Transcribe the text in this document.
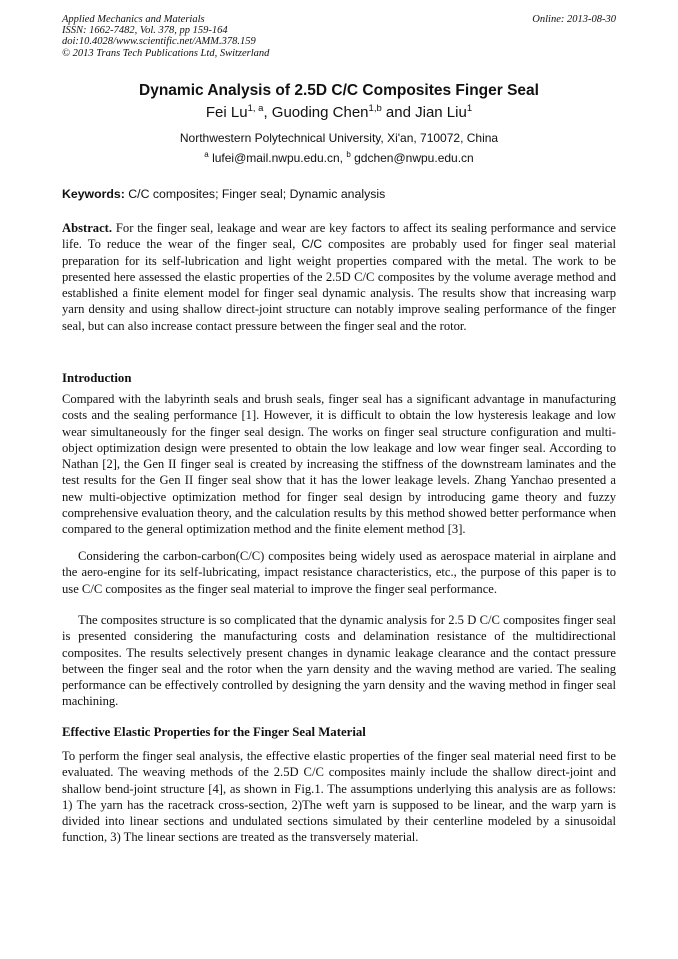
Applied Mechanics and Materials
ISSN: 1662-7482, Vol. 378, pp 159-164
doi:10.4028/www.scientific.net/AMM.378.159
© 2013 Trans Tech Publications Ltd, Switzerland
Online: 2013-08-30
Dynamic Analysis of 2.5D C/C Composites Finger Seal
Fei Lu$^{1, a}$, Guoding Chen$^{1,b}$ and Jian Liu$^1$
Northwestern Polytechnical University, Xi'an, 710072, China
$^a$ lufei@mail.nwpu.edu.cn, $^b$ gdchen@nwpu.edu.cn
Keywords: C/C composites; Finger seal; Dynamic analysis

Abstract. For the finger seal, leakage and wear are key factors to affect its sealing performance and service life. To reduce the wear of the finger seal, C/C composites are probably used for finger seal material preparation for its self-lubrication and light weight properties compared with the metal. The work to be presented here assessed the elastic properties of the 2.5D C/C composites by the volume average method and established a finite element model for finger seal dynamic analysis. The results show that increasing warp yarn density and using shallow direct-joint structure can notably improve sealing performance of the finger seal, but can also increase contact pressure between the finger seal and the rotor.

Introduction

Compared with the labyrinth seals and brush seals, finger seal has a significant advantage in manufacturing costs and the sealing performance [1]. However, it is difficult to obtain the low hysteresis leakage and low wear simultaneously for the finger seal design. The works on finger seal structure configuration and multi-object optimization design were presented to obtain the low leakage and low wear finger seal. According to Nathan [2], the Gen II finger seal is created by increasing the stiffness of the downstream laminates and the test results for the Gen II finger seal show that it has the lower leakage levels. Zhang Yanchao presented a new multi-objective optimization method for finger seal design by introducing game theory and fuzzy comprehensive evaluation theory, and the calculation results by this method showed better performance when compared to the general optimization method and the finite element method [3].

Considering the carbon-carbon(C/C) composites being widely used as aerospace material in airplane and the aero-engine for its self-lubricating, impact resistance characteristics, etc., the purpose of this paper is to use C/C composites as the finger seal material to improve the finger seal performance.

The composites structure is so complicated that the dynamic analysis for 2.5 D C/C composites finger seal is presented considering the manufacturing costs and delamination resistance of the multidirectional composites. The results selectively present changes in dynamic leakage clearance and the contact pressure between the finger seal and the rotor when the yarn density and the waving method are varied. The sealing performance can be effectively controlled by designing the yarn density and the waving method in finger seal machining.

Effective Elastic Properties for the Finger Seal Material

To perform the finger seal analysis, the effective elastic properties of the finger seal material need first to be evaluated. The weaving methods of the 2.5D C/C composites mainly include the shallow direct-joint and shallow bend-joint structure [4], as shown in Fig.1. The assumptions underlying this analysis are as follows: 1) The yarn has the racetrack cross-section, 2)The weft yarn is supposed to be linear, and the warp yarn is divided into linear sections and undulated sections simulated by their centerline modeled by a sinusoidal function, 3) The linear sections are treated as the transversely material.
